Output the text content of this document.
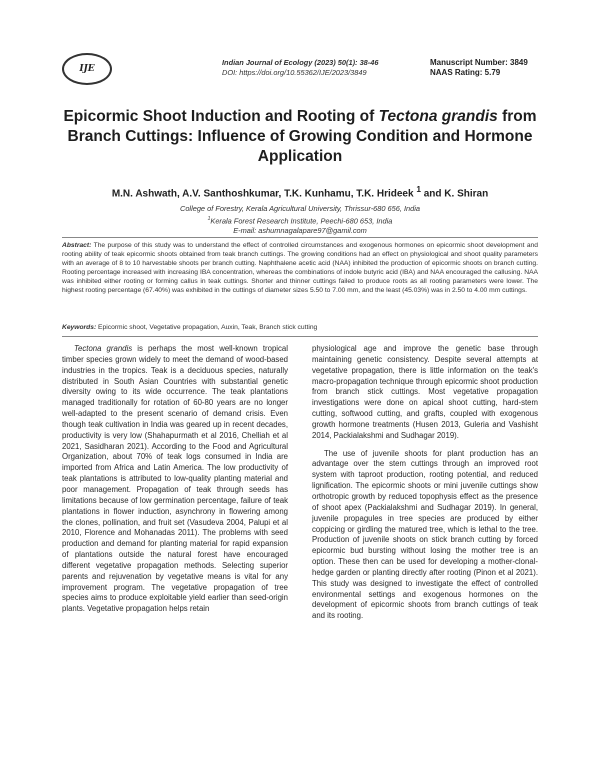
IJE
Indian Journal of Ecology (2023) 50(1): 38-46
DOI: https://doi.org/10.55362/IJE/2023/3849
Manuscript Number: 3849
NAAS Rating: 5.79
Epicormic Shoot Induction and Rooting of Tectona grandis from Branch Cuttings: Influence of Growing Condition and Hormone Application
M.N. Ashwath, A.V. Santhoshkumar, T.K. Kunhamu, T.K. Hrideek $^1$ and K. Shiran
College of Forestry, Kerala Agricultural University, Thrissur-680 656, India
$^1$Kerala Forest Research Institute, Peechi-680 653, India
E-mail: ashumnagalapare97@gamil.com
Abstract: The purpose of this study was to understand the effect of controlled circumstances and exogenous hormones on epicormic shoot development and rooting ability of teak epicormic shoots obtained from teak branch cuttings. The growing conditions had an effect on physiological and shoot quality parameters with an average of 8 to 10 harvestable shoots per branch cutting. Naphthalene acetic acid (NAA) inhibited the production of epicormic shoots on branch cutting. Rooting percentage increased with increasing IBA concentration, whereas the combinations of indole butyric acid (IBA) and NAA encouraged the callusing. NAA was inhibited either rooting or forming callus in teak cuttings. Shorter and thinner cuttings failed to produce roots as all rooting parameters were lower. The highest rooting percentage (67.40%) was exhibited in the cuttings of diameter sizes 5.50 to 7.00 mm, and the least (45.03%) was in 2.50 to 4.00 mm cuttings.
Keywords: Epicormic shoot, Vegetative propagation, Auxin, Teak, Branch stick cutting

Tectona grandis is perhaps the most well-known tropical timber species grown widely to meet the demand of wood-based industries in the tropics. Teak is a deciduous species, naturally distributed in South Asian Countries with substantial genetic diversity owing to its wide occurrence. The teak plantations managed traditionally for rotation of 60-80 years are no longer well-adapted to the present scenario of demand crisis. Even though teak cultivation in India was geared up in recent decades, productivity is very low (Shahapurmath et al 2016, Chelliah et al 2021, Sasidharan 2021). According to the Food and Agricultural Organization, about 70% of teak logs consumed in India are imported from Africa and Latin America. The low productivity of teak plantations is attributed to low-quality planting material and poor management. Propagation of teak through seeds has limitations because of low germination percentage, failure of teak plantations in flower induction, asynchrony in flowering among the clones, pollination, and fruit set (Vasudeva 2004, Palupi et al 2010, Florence and Mohanadas 2011). The problems with seed production and demand for planting material for rapid expansion of plantations outside the natural forest have encouraged different vegetative propagation methods. Selecting superior parents and rejuvenation by vegetative means is vital for any improvement program. The vegetative propagation of tree species aims to produce exploitable yield earlier than seed-origin plants. Vegetative propagation helps retain

physiological age and improve the genetic base through maintaining genetic consistency. Despite several attempts at vegetative propagation, there is little information on the teak's macro-propagation technique through epicormic shoot production from branch stick cuttings. Most vegetative propagation investigations were done on apical shoot cutting, hard-stem cutting, softwood cutting, and grafts, coupled with exogenous growth hormone treatments (Husen 2013, Guleria and Vashisht 2014, Packialakshmi and Sudhagar 2019).

The use of juvenile shoots for plant production has an advantage over the stem cuttings through an improved root system with taproot production, rooting potential, and reduced lignification. The epicormic shoots or mini juvenile cuttings show orthotropic growth by reduced topophysis effect as the presence of shoot apex (Packialakshmi and Sudhagar 2019). In general, juvenile propagules in tree species are produced by either coppicing or girdling the matured tree, which is lethal to the tree. Production of juvenile shoots on stick branch cutting by forced epicormic bud bursting without losing the mother tree is an option. These then can be used for developing a mother-clonal-hedge garden or planting directly after rooting (Pinon et al 2021). This study was designed to investigate the effect of controlled environmental settings and exogenous hormones on the development of epicormic shoots from branch cuttings of teak and its rooting.
